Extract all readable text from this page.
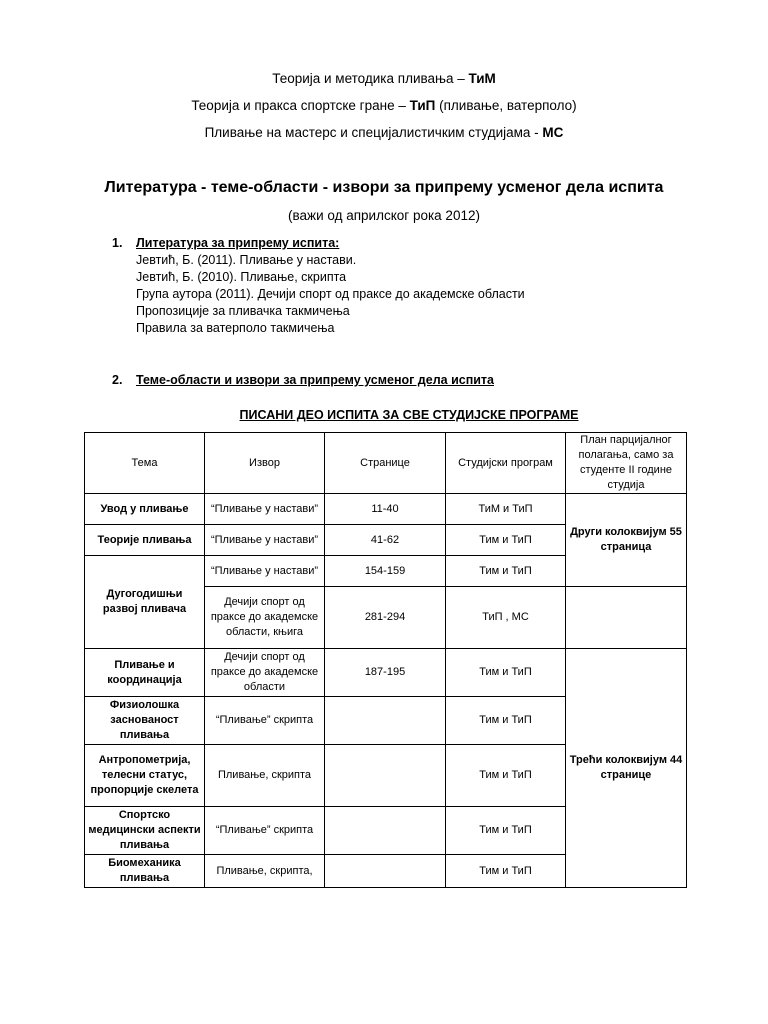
Теорија и методика пливања – ТиМ
Теорија и пракса спортске гране – ТиП (пливање, ватерполо)
Пливање на мастерс и специјалистичким студијама - МС
Литература - теме-области - извори за припрему усменог дела испита
(важи од априлског рока 2012)
1. Литература за припрему испита:
Јевтић, Б. (2011). Пливање у настави.
Јевтић, Б. (2010). Пливање, скрипта
Група аутора (2011). Дечији спорт од праксе до академске области
Пропозиције за пливачка такмичења
Правила за ватерполо такмичења
2. Теме-области и извори за припрему усменог дела испита
ПИСАНИ ДЕО ИСПИТА ЗА СВЕ СТУДИЈСКЕ ПРОГРАМЕ
Тема	Извор	Странице	Студијски програм	План парцијалног полагања, само за студенте II године студија
Увод у пливање	“Пливање у настави”	11-40	ТиМ и ТиП	Други колоквијум 55 страница
Теорије пливања	“Пливање у настави”	41-62	Тим и ТиП	
Дугогодишњи развој пливача	“Пливање у настави”	154-159	Тим и ТиП	
	Дечији спорт од праксе до академске области, књига	281-294	ТиП , МС	
Пливање и координација	Дечији спорт од праксе до академске области	187-195	Тим и ТиП	Трећи колоквијум 44 странице
Физиолошка заснованост пливања	“Пливање” скрипта		Тим и ТиП	
Антропометрија, телесни статус, пропорције скелета	Пливање, скрипта		Тим и ТиП	
Спортско медицински аспекти пливања	“Пливање” скрипта		Тим и ТиП	
Биомеханика пливања	Пливање, скрипта,		Тим и ТиП	
